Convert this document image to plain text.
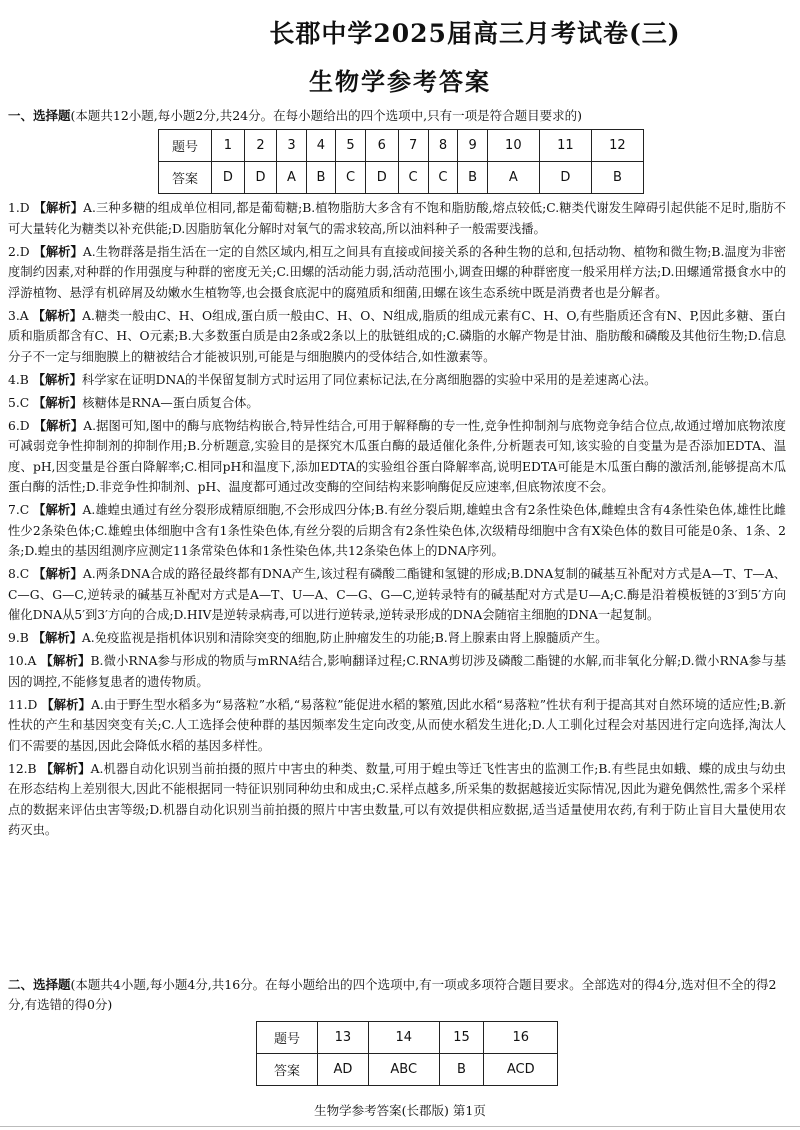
长郡中学2025届高三月考试卷(三)
生物学参考答案
一、选择题(本题共12小题,每小题2分,共24分。在每小题给出的四个选项中,只有一项是符合题目要求的)
题号	1	2	3	4	5	6	7	8	9	10	11	12
答案	D	D	A	B	C	D	C	C	B	A	D	B
1.D 【解析】A.三种多糖的组成单位相同,都是葡萄糖;B.植物脂肪大多含有不饱和脂肪酸,熔点较低;C.糖类代谢发生障碍引起供能不足时,脂肪不可大量转化为糖类以补充供能;D.因脂肪氧化分解时对氧气的需求较高,所以油料种子一般需要浅播。
2.D 【解析】A.生物群落是指生活在一定的自然区域内,相互之间具有直接或间接关系的各种生物的总和,包括动物、植物和微生物;B.温度为非密度制约因素,对种群的作用强度与种群的密度无关;C.田螺的活动能力弱,活动范围小,调查田螺的种群密度一般采用样方法;D.田螺通常摄食水中的浮游植物、悬浮有机碎屑及幼嫩水生植物等,也会摄食底泥中的腐殖质和细菌,田螺在该生态系统中既是消费者也是分解者。
3.A 【解析】A.糖类一般由C、H、O组成,蛋白质一般由C、H、O、N组成,脂质的组成元素有C、H、O,有些脂质还含有N、P,因此多糖、蛋白质和脂质都含有C、H、O元素;B.大多数蛋白质是由2条或2条以上的肽链组成的;C.磷脂的水解产物是甘油、脂肪酸和磷酸及其他衍生物;D.信息分子不一定与细胞膜上的糖被结合才能被识别,可能是与细胞膜内的受体结合,如性激素等。
4.B 【解析】科学家在证明DNA的半保留复制方式时运用了同位素标记法,在分离细胞器的实验中采用的是差速离心法。
5.C 【解析】核糖体是RNA—蛋白质复合体。
6.D 【解析】A.据图可知,图中的酶与底物结构嵌合,特异性结合,可用于解释酶的专一性,竞争性抑制剂与底物竞争结合位点,故通过增加底物浓度可减弱竞争性抑制剂的抑制作用;B.分析题意,实验目的是探究木瓜蛋白酶的最适催化条件,分析题表可知,该实验的自变量为是否添加EDTA、温度、pH,因变量是谷蛋白降解率;C.相同pH和温度下,添加EDTA的实验组谷蛋白降解率高,说明EDTA可能是木瓜蛋白酶的激活剂,能够提高木瓜蛋白酶的活性;D.非竞争性抑制剂、pH、温度都可通过改变酶的空间结构来影响酶促反应速率,但底物浓度不会。
7.C 【解析】A.雄蝗虫通过有丝分裂形成精原细胞,不会形成四分体;B.有丝分裂后期,雄蝗虫含有2条性染色体,雌蝗虫含有4条性染色体,雄性比雌性少2条染色体;C.雄蝗虫体细胞中含有1条性染色体,有丝分裂的后期含有2条性染色体,次级精母细胞中含有X染色体的数目可能是0条、1条、2条;D.蝗虫的基因组测序应测定11条常染色体和1条性染色体,共12条染色体上的DNA序列。
8.C 【解析】A.两条DNA合成的路径最终都有DNA产生,该过程有磷酸二酯键和氢键的形成;B.DNA复制的碱基互补配对方式是A—T、T—A、C—G、G—C,逆转录的碱基互补配对方式是A—T、U—A、C—G、G—C,逆转录特有的碱基配对方式是U—A;C.酶是沿着模板链的3′到5′方向催化DNA从5′到3′方向的合成;D.HIV是逆转录病毒,可以进行逆转录,逆转录形成的DNA会随宿主细胞的DNA一起复制。
9.B 【解析】A.免疫监视是指机体识别和清除突变的细胞,防止肿瘤发生的功能;B.肾上腺素由肾上腺髓质产生。
10.A 【解析】B.微小RNA参与形成的物质与mRNA结合,影响翻译过程;C.RNA剪切涉及磷酸二酯键的水解,而非氧化分解;D.微小RNA参与基因的调控,不能修复患者的遗传物质。
11.D 【解析】A.由于野生型水稻多为“易落粒”水稻,“易落粒”能促进水稻的繁殖,因此水稻“易落粒”性状有利于提高其对自然环境的适应性;B.新性状的产生和基因突变有关;C.人工选择会使种群的基因频率发生定向改变,从而使水稻发生进化;D.人工驯化过程会对基因进行定向选择,淘汰人们不需要的基因,因此会降低水稻的基因多样性。
12.B 【解析】A.机器自动化识别当前拍摄的照片中害虫的种类、数量,可用于蝗虫等迁飞性害虫的监测工作;B.有些昆虫如蛾、蝶的成虫与幼虫在形态结构上差别很大,因此不能根据同一特征识别同种幼虫和成虫;C.采样点越多,所采集的数据越接近实际情况,因此为避免偶然性,需多个采样点的数据来评估虫害等级;D.机器自动化识别当前拍摄的照片中害虫数量,可以有效提供相应数据,适当适量使用农药,有利于防止盲目大量使用农药灭虫。
二、选择题(本题共4小题,每小题4分,共16分。在每小题给出的四个选项中,有一项或多项符合题目要求。全部选对的得4分,选对但不全的得2分,有选错的得0分)
题号	13	14	15	16
答案	AD	ABC	B	ACD
生物学参考答案(长郡版) 第1页
